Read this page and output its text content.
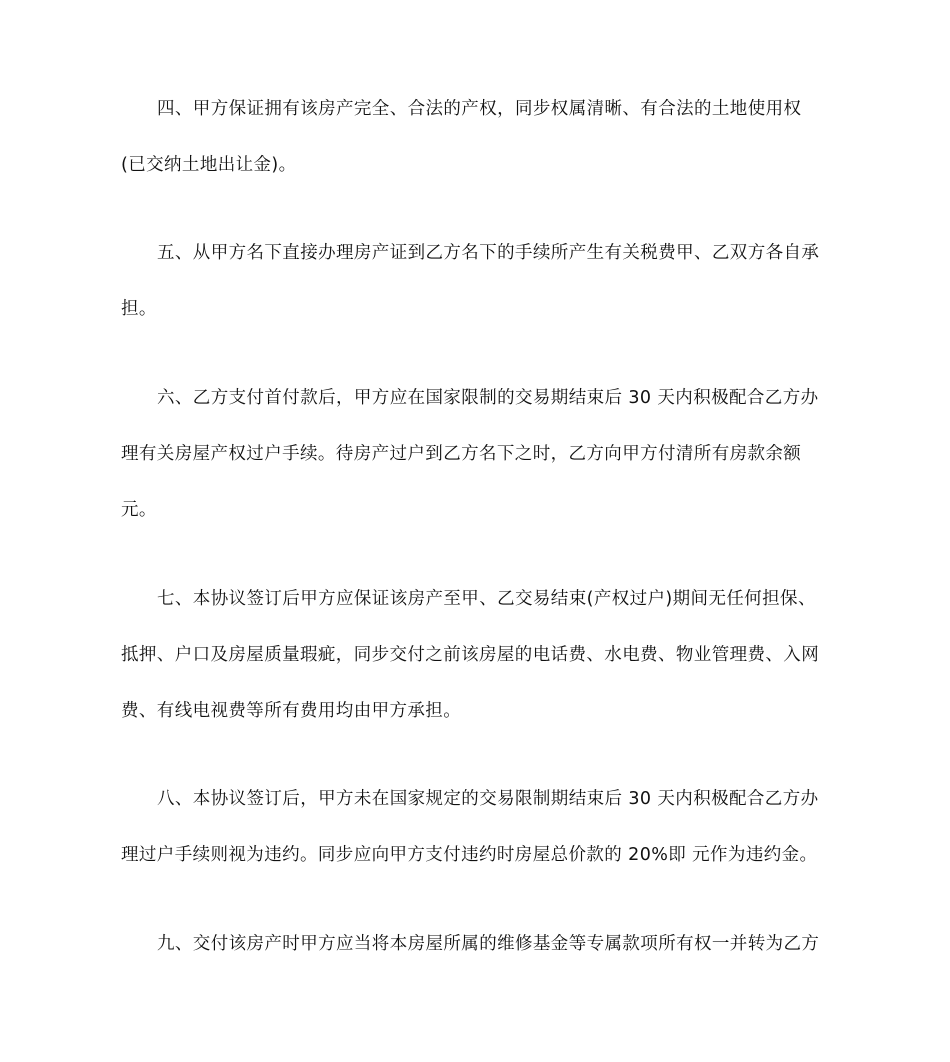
四、甲方保证拥有该房产完全、合法的产权，同步权属清晰、有合法的土地使用权
(已交纳土地出让金)。
五、从甲方名下直接办理房产证到乙方名下的手续所产生有关税费甲、乙双方各自承
担。
六、乙方支付首付款后，甲方应在国家限制的交易期结束后 30 天内积极配合乙方办
理有关房屋产权过户手续。待房产过户到乙方名下之时，乙方向甲方付清所有房款余额
元。
七、本协议签订后甲方应保证该房产至甲、乙交易结束(产权过户)期间无任何担保、
抵押、户口及房屋质量瑕疵，同步交付之前该房屋的电话费、水电费、物业管理费、入网
费、有线电视费等所有费用均由甲方承担。
八、本协议签订后，甲方未在国家规定的交易限制期结束后 30 天内积极配合乙方办
理过户手续则视为违约。同步应向甲方支付违约时房屋总价款的 20%即 元作为违约金。
九、交付该房产时甲方应当将本房屋所属的维修基金等专属款项所有权一并转为乙方
